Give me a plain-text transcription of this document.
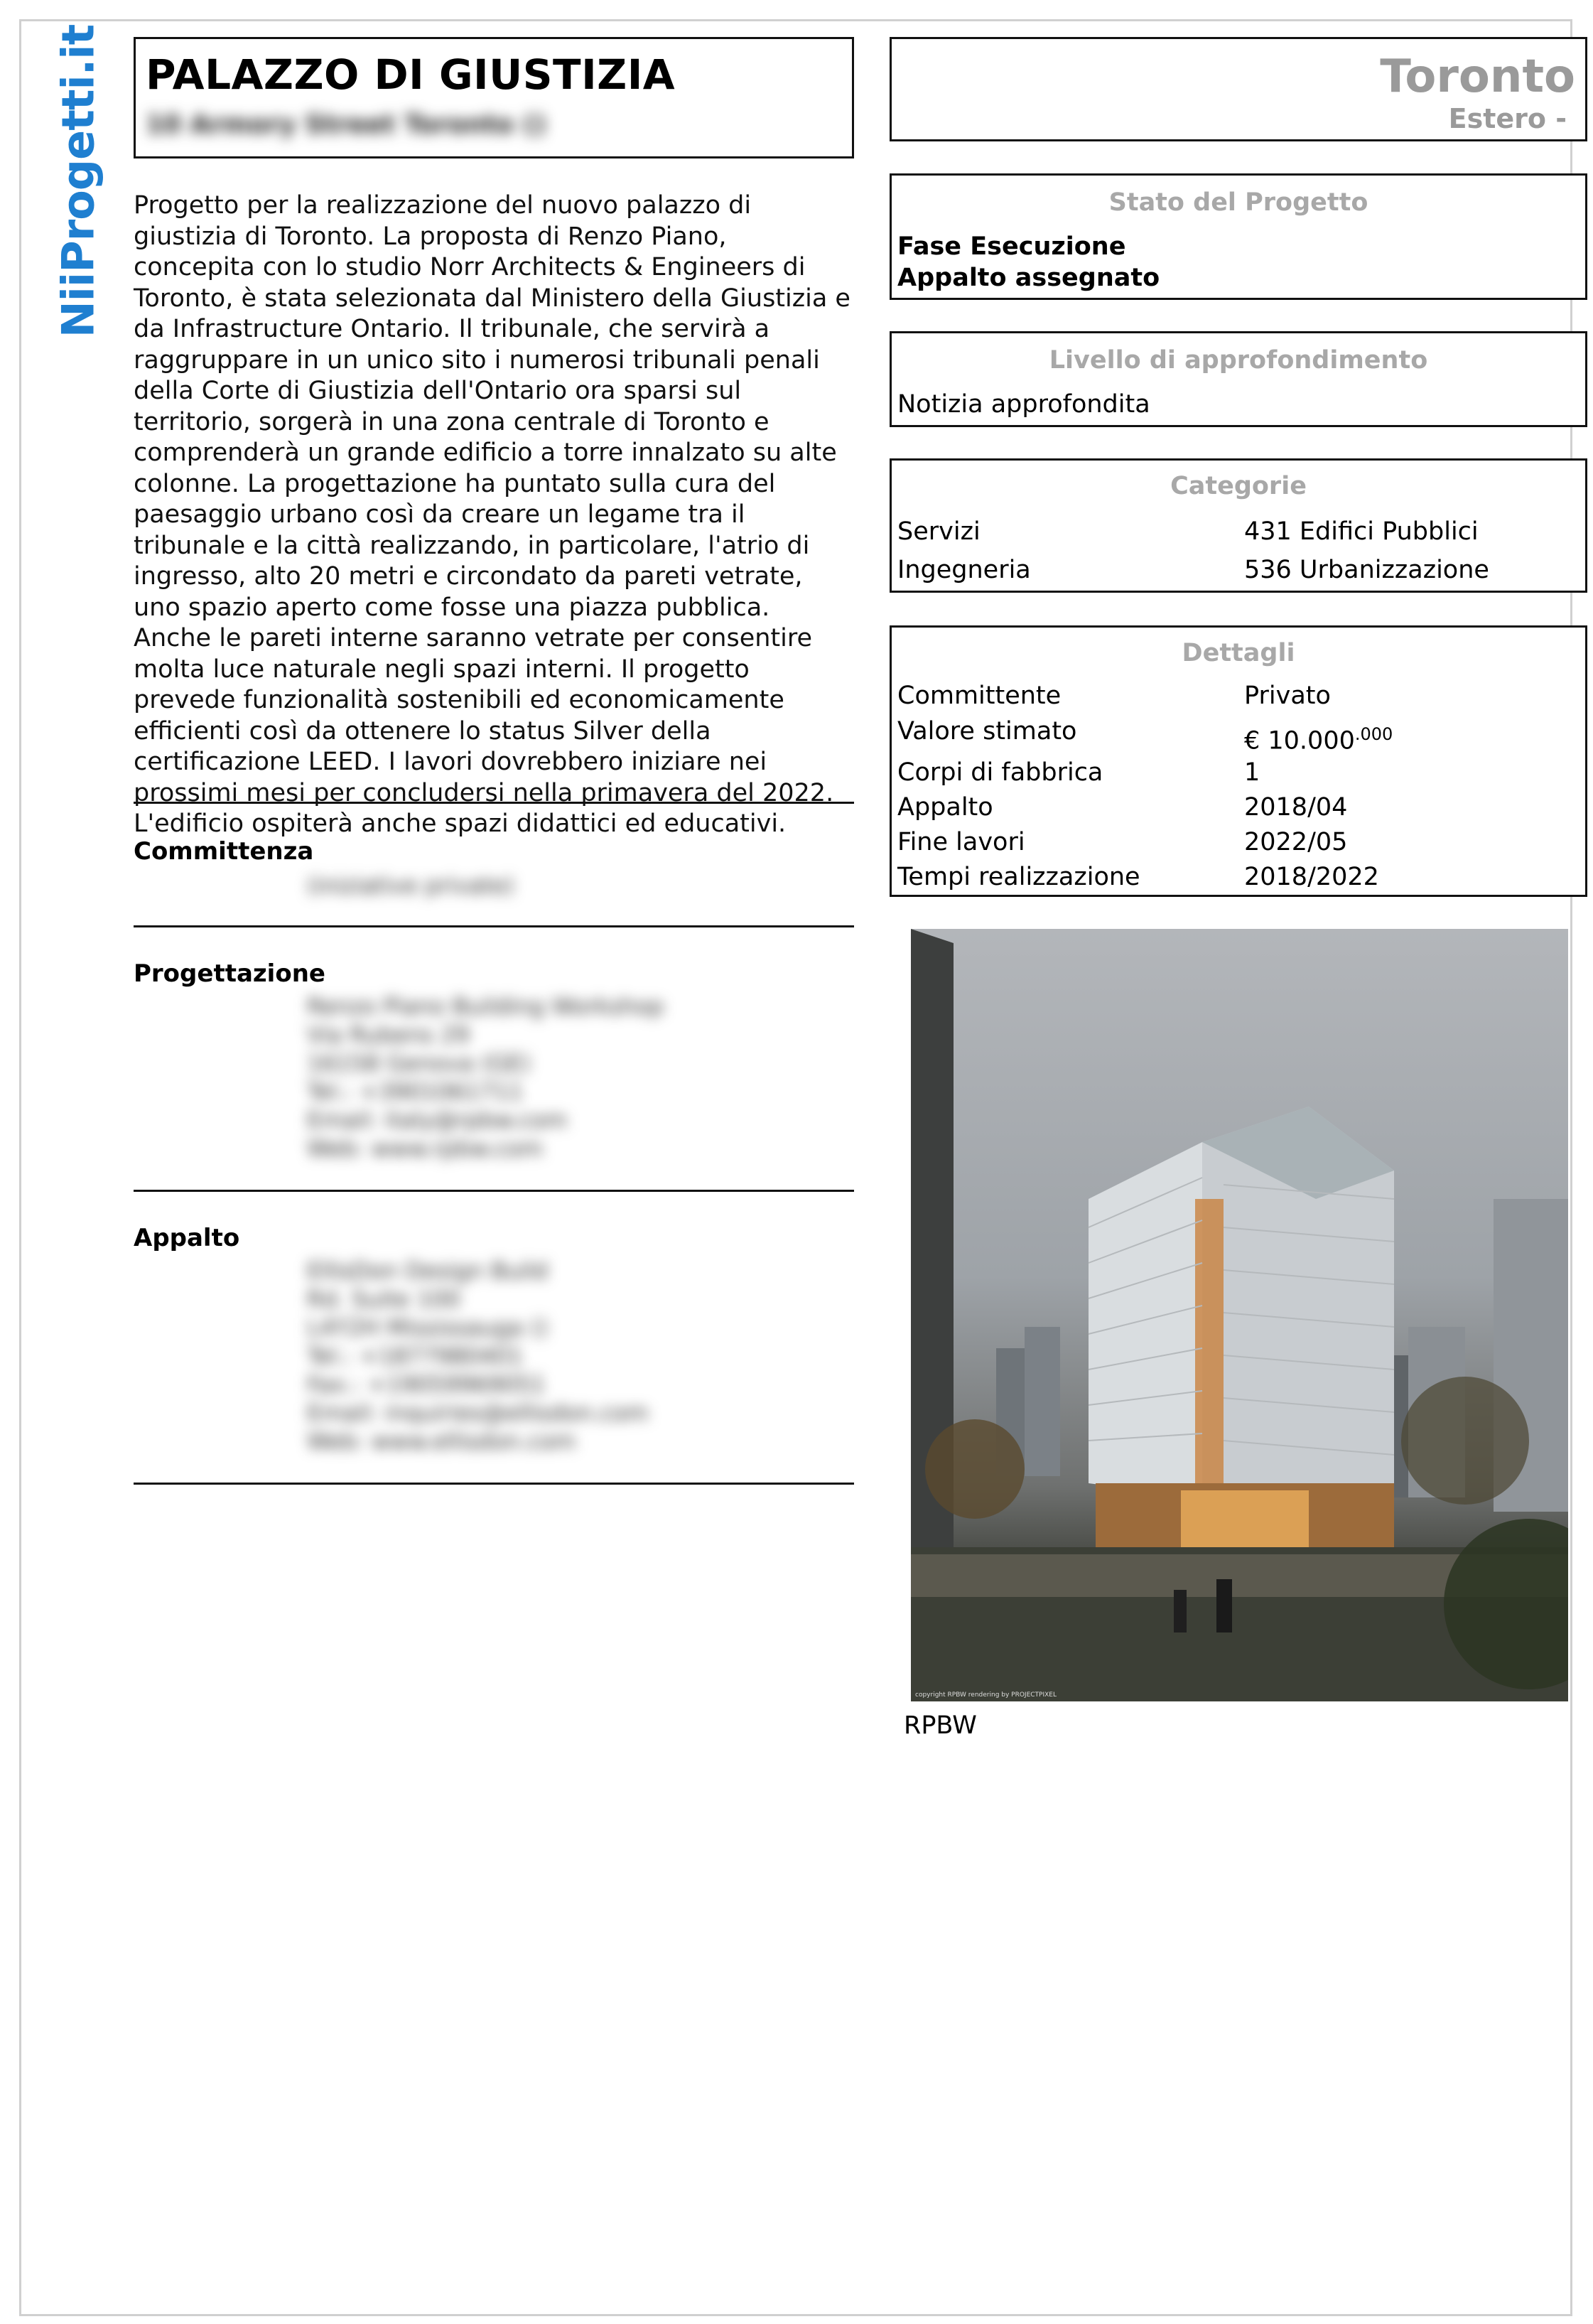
NiiProgetti.it PALAZZO DI GIUSTIZIA
10 Armory Street Toronto ()
Progetto per la realizzazione del nuovo palazzo di giustizia di Toronto. La proposta di Renzo Piano, concepita con lo studio Norr Architects & Engineers di Toronto, è stata selezionata dal Ministero della Giustizia e da Infrastructure Ontario. Il tribunale, che servirà a raggruppare in un unico sito i numerosi tribunali penali della Corte di Giustizia dell'Ontario ora sparsi sul territorio, sorgerà in una zona centrale di Toronto e comprenderà un grande edificio a torre innalzato su alte colonne. La progettazione ha puntato sulla cura del paesaggio urbano così da creare un legame tra il tribunale e la città realizzando, in particolare, l'atrio di ingresso, alto 20 metri e circondato da pareti vetrate, uno spazio aperto come fosse una piazza pubblica. Anche le pareti interne saranno vetrate per consentire molta luce naturale negli spazi interni. Il progetto prevede funzionalità sostenibili ed economicamente efficienti così da ottenere lo status Silver della certificazione LEED. I lavori dovrebbero iniziare nei prossimi mesi per concludersi nella primavera del 2022. L'edificio ospiterà anche spazi didattici ed educativi.
Committenza
(iniziative private)
Progettazione
Renzo Piano Building Workshop
Via Rubens 29
16158 Genova (GE)
Tel.: +3901061711
Email: italy@rpbw.com
Web: www.rpbw.com
Appalto
EllisDon Design Build
Rd. Suite 100
L4Y2H Mississauga ()
Tel.: +1877980401
Fax.: +19059969051
Email: inquiries@ellisdon.com
Web: www.ellisdon.com
Toronto
Estero -
Stato del Progetto
Fase Esecuzione
Appalto assegnato
Livello di approfondimento
Notizia approfondita
Categorie
Servizi	431 Edifici Pubblici
Ingegneria	536 Urbanizzazione
Dettagli
Committente	Privato
Valore stimato	€ $10.000^{.000}$
Corpi di fabbrica	1
Appalto	2018/04
Fine lavori	2022/05
Tempi realizzazione	2018/2022
copyright RPBW rendering by PROJECTPIXEL
RPBW
